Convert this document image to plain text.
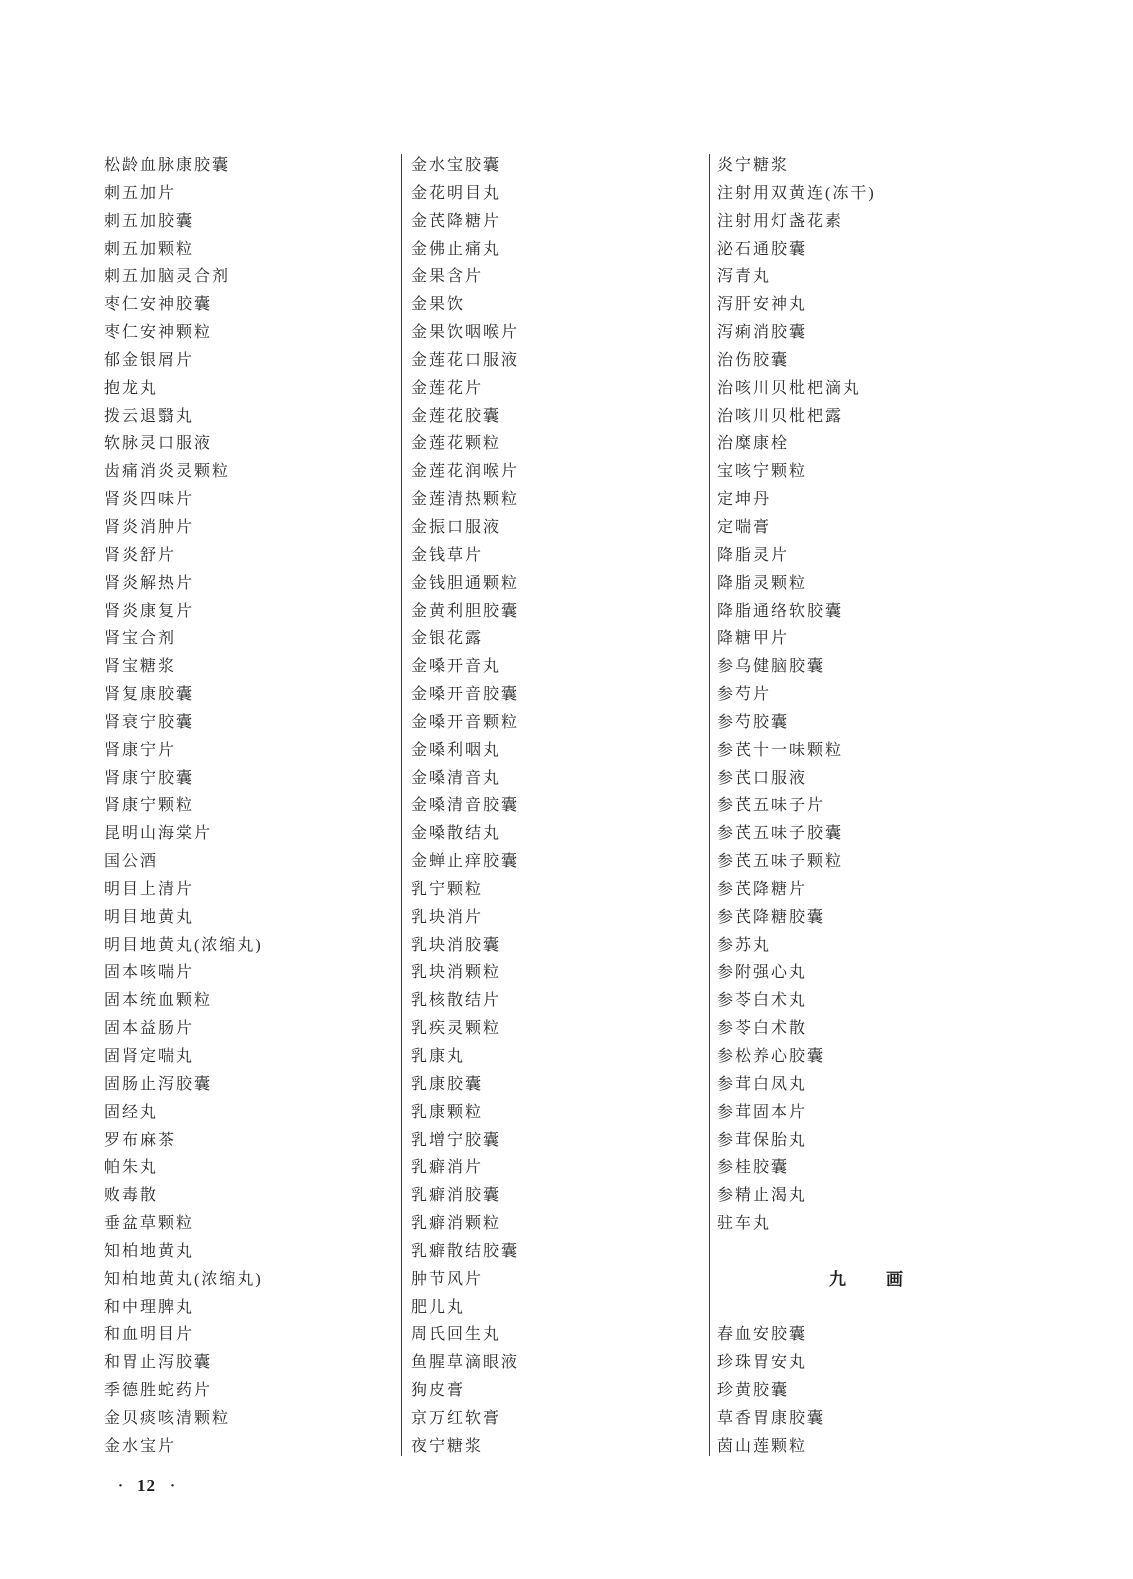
松龄血脉康胶囊
刺五加片
刺五加胶囊
刺五加颗粒
刺五加脑灵合剂
枣仁安神胶囊
枣仁安神颗粒
郁金银屑片
抱龙丸
拨云退翳丸
软脉灵口服液
齿痛消炎灵颗粒
肾炎四味片
肾炎消肿片
肾炎舒片
肾炎解热片
肾炎康复片
肾宝合剂
肾宝糖浆
肾复康胶囊
肾衰宁胶囊
肾康宁片
肾康宁胶囊
肾康宁颗粒
昆明山海棠片
国公酒
明目上清片
明目地黄丸
明目地黄丸(浓缩丸)
固本咳喘片
固本统血颗粒
固本益肠片
固肾定喘丸
固肠止泻胶囊
固经丸
罗布麻茶
帕朱丸
败毒散
垂盆草颗粒
知柏地黄丸
知柏地黄丸(浓缩丸)
和中理脾丸
和血明目片
和胃止泻胶囊
季德胜蛇药片
金贝痰咳清颗粒
金水宝片
金水宝胶囊
金花明目丸
金芪降糖片
金佛止痛丸
金果含片
金果饮
金果饮咽喉片
金莲花口服液
金莲花片
金莲花胶囊
金莲花颗粒
金莲花润喉片
金莲清热颗粒
金振口服液
金钱草片
金钱胆通颗粒
金黄利胆胶囊
金银花露
金嗓开音丸
金嗓开音胶囊
金嗓开音颗粒
金嗓利咽丸
金嗓清音丸
金嗓清音胶囊
金嗓散结丸
金蝉止痒胶囊
乳宁颗粒
乳块消片
乳块消胶囊
乳块消颗粒
乳核散结片
乳疾灵颗粒
乳康丸
乳康胶囊
乳康颗粒
乳增宁胶囊
乳癖消片
乳癖消胶囊
乳癖消颗粒
乳癖散结胶囊
肿节风片
肥儿丸
周氏回生丸
鱼腥草滴眼液
狗皮膏
京万红软膏
夜宁糖浆
炎宁糖浆
注射用双黄连(冻干)
注射用灯盏花素
泌石通胶囊
泻青丸
泻肝安神丸
泻痢消胶囊
治伤胶囊
治咳川贝枇杷滴丸
治咳川贝枇杷露
治糜康栓
宝咳宁颗粒
定坤丹
定喘膏
降脂灵片
降脂灵颗粒
降脂通络软胶囊
降糖甲片
参乌健脑胶囊
参芍片
参芍胶囊
参芪十一味颗粒
参芪口服液
参芪五味子片
参芪五味子胶囊
参芪五味子颗粒
参芪降糖片
参芪降糖胶囊
参苏丸
参附强心丸
参苓白术丸
参苓白术散
参松养心胶囊
参茸白凤丸
参茸固本片
参茸保胎丸
参桂胶囊
参精止渴丸
驻车丸
九　　画
春血安胶囊
珍珠胃安丸
珍黄胶囊
草香胃康胶囊
茵山莲颗粒
· 12 ·
